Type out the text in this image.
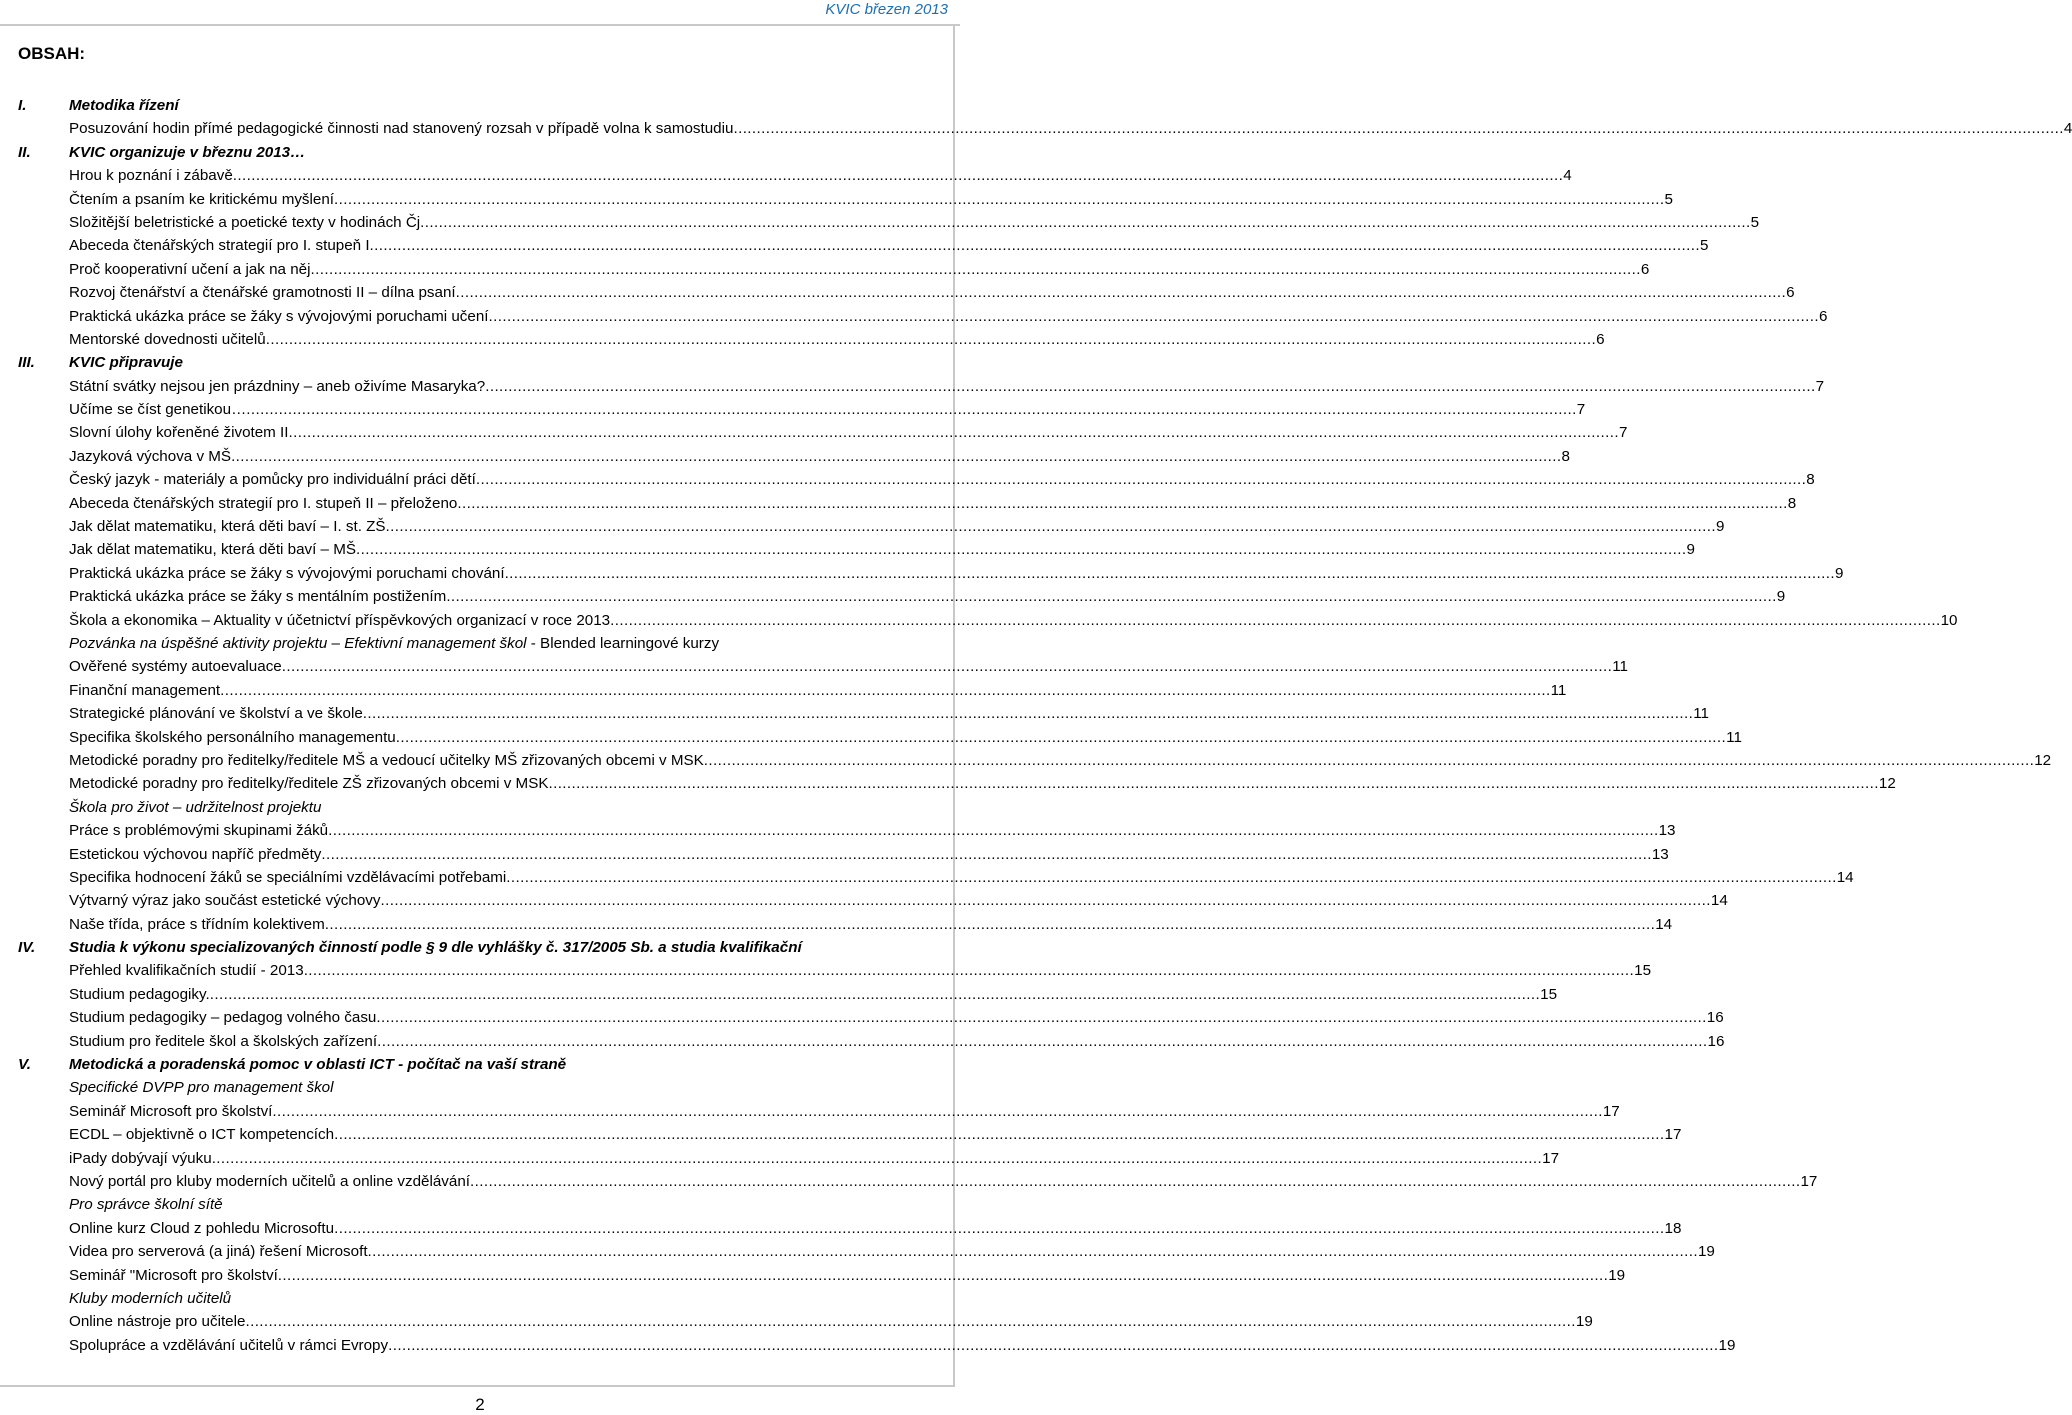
KVIC březen 2013
OBSAH:
I.	Metodika řízení
Posuzování hodin přímé pedagogické činnosti nad stanovený rozsah v případě volna k samostudiu .....	4
II.	KVIC organizuje v březnu 2013…
Hrou k poznání i zábavě .....	4
Čtením a psaním ke kritickému myšlení .....	5
Složitější beletristické a poetické texty v hodinách Čj .....	5
Abeceda čtenářských strategií pro I. stupeň I .....	5
Proč kooperativní učení a jak na něj .....	6
Rozvoj čtenářství a čtenářské gramotnosti II – dílna psaní .....	6
Praktická ukázka práce se žáky s vývojovými poruchami učení .....	6
Mentorské dovednosti učitelů .....	6
III.	KVIC připravuje
Státní svátky nejsou jen prázdniny – aneb oživíme Masaryka? .....	7
Učíme se číst genetikou… .....	7
Slovní úlohy kořeněné životem II .....	7
Jazyková výchova v MŠ .....	8
Český jazyk - materiály a pomůcky pro individuální práci dětí .....	8
Abeceda čtenářských strategií pro I. stupeň II – přeloženo .....	8
Jak dělat matematiku, která děti baví – I. st. ZŠ .....	9
Jak dělat matematiku, která děti baví – MŠ .....	9
Praktická ukázka práce se žáky s vývojovými poruchami chování .....	9
Praktická ukázka práce se žáky s mentálním postižením .....	9
Škola a ekonomika – Aktuality v účetnictví příspěvkových organizací v roce 2013 .....	10
Pozvánka na úspěšné aktivity projektu – Efektivní management škol - Blended learningové kurzy
Ověřené systémy autoevaluace .....	11
Finanční management .....	11
Strategické plánování ve školství a ve škole .....	11
Specifika školského personálního managementu .....	11
Metodické poradny pro ředitelky/ředitele MŠ a vedoucí učitelky MŠ zřizovaných obcemi v MSK .....	12
Metodické poradny pro ředitelky/ředitele ZŠ zřizovaných obcemi v MSK .....	12
Škola pro život – udržitelnost projektu
Práce s problémovými skupinami žáků .....	13
Estetickou výchovou napříč předměty .....	13
Specifika hodnocení žáků se speciálními vzdělávacími potřebami .....	14
Výtvarný výraz jako součást estetické výchovy .....	14
Naše třída, práce s třídním kolektivem .....	14
IV.	Studia k výkonu specializovaných činností podle § 9 dle vyhlášky č. 317/2005 Sb. a studia kvalifikační
Přehled kvalifikačních studií - 2013 .....	15
Studium pedagogiky. .....	15
Studium pedagogiky – pedagog volného času .....	16
Studium pro ředitele škol a školských zařízení .....	16
V.	Metodická a poradenská pomoc v oblasti ICT - počítač na vaší straně
Specifické DVPP pro management škol
Seminář Microsoft pro školství .....	17
ECDL – objektivně o ICT kompetencích .....	17
iPady dobývají výuku .....	17
Nový portál pro kluby moderních učitelů a online vzdělávání .....	17
Pro správce školní sítě
Online kurz Cloud z pohledu Microsoftu .....	18
Videa pro serverová (a jiná) řešení Microsoft .....	19
Seminář "Microsoft pro školství .....	19
Kluby moderních učitelů
Online nástroje pro učitele .....	19
Spolupráce a vzdělávání učitelů v rámci Evropy .....	19
2
